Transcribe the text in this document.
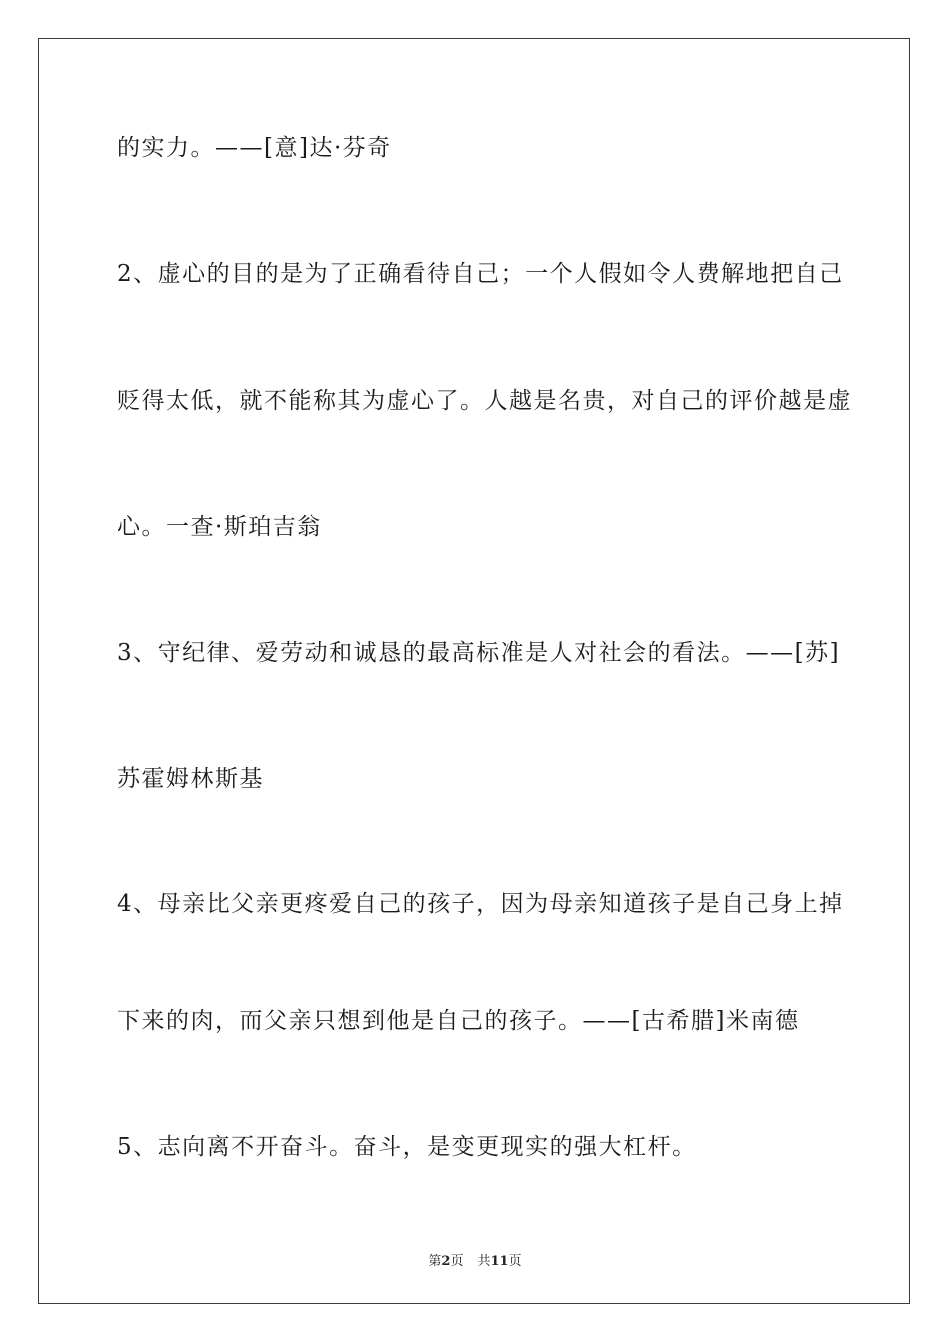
的实力。——[意]达·芬奇
2、虚心的目的是为了正确看待自己；一个人假如令人费解地把自己
贬得太低，就不能称其为虚心了。人越是名贵，对自己的评价越是虚
心。一查·斯珀吉翁
3、守纪律、爱劳动和诚恳的最高标准是人对社会的看法。——[苏]
苏霍姆林斯基
4、母亲比父亲更疼爱自己的孩子，因为母亲知道孩子是自己身上掉
下来的肉，而父亲只想到他是自己的孩子。——[古希腊]米南德
5、志向离不开奋斗。奋斗，是变更现实的强大杠杆。
第2页 共11页
